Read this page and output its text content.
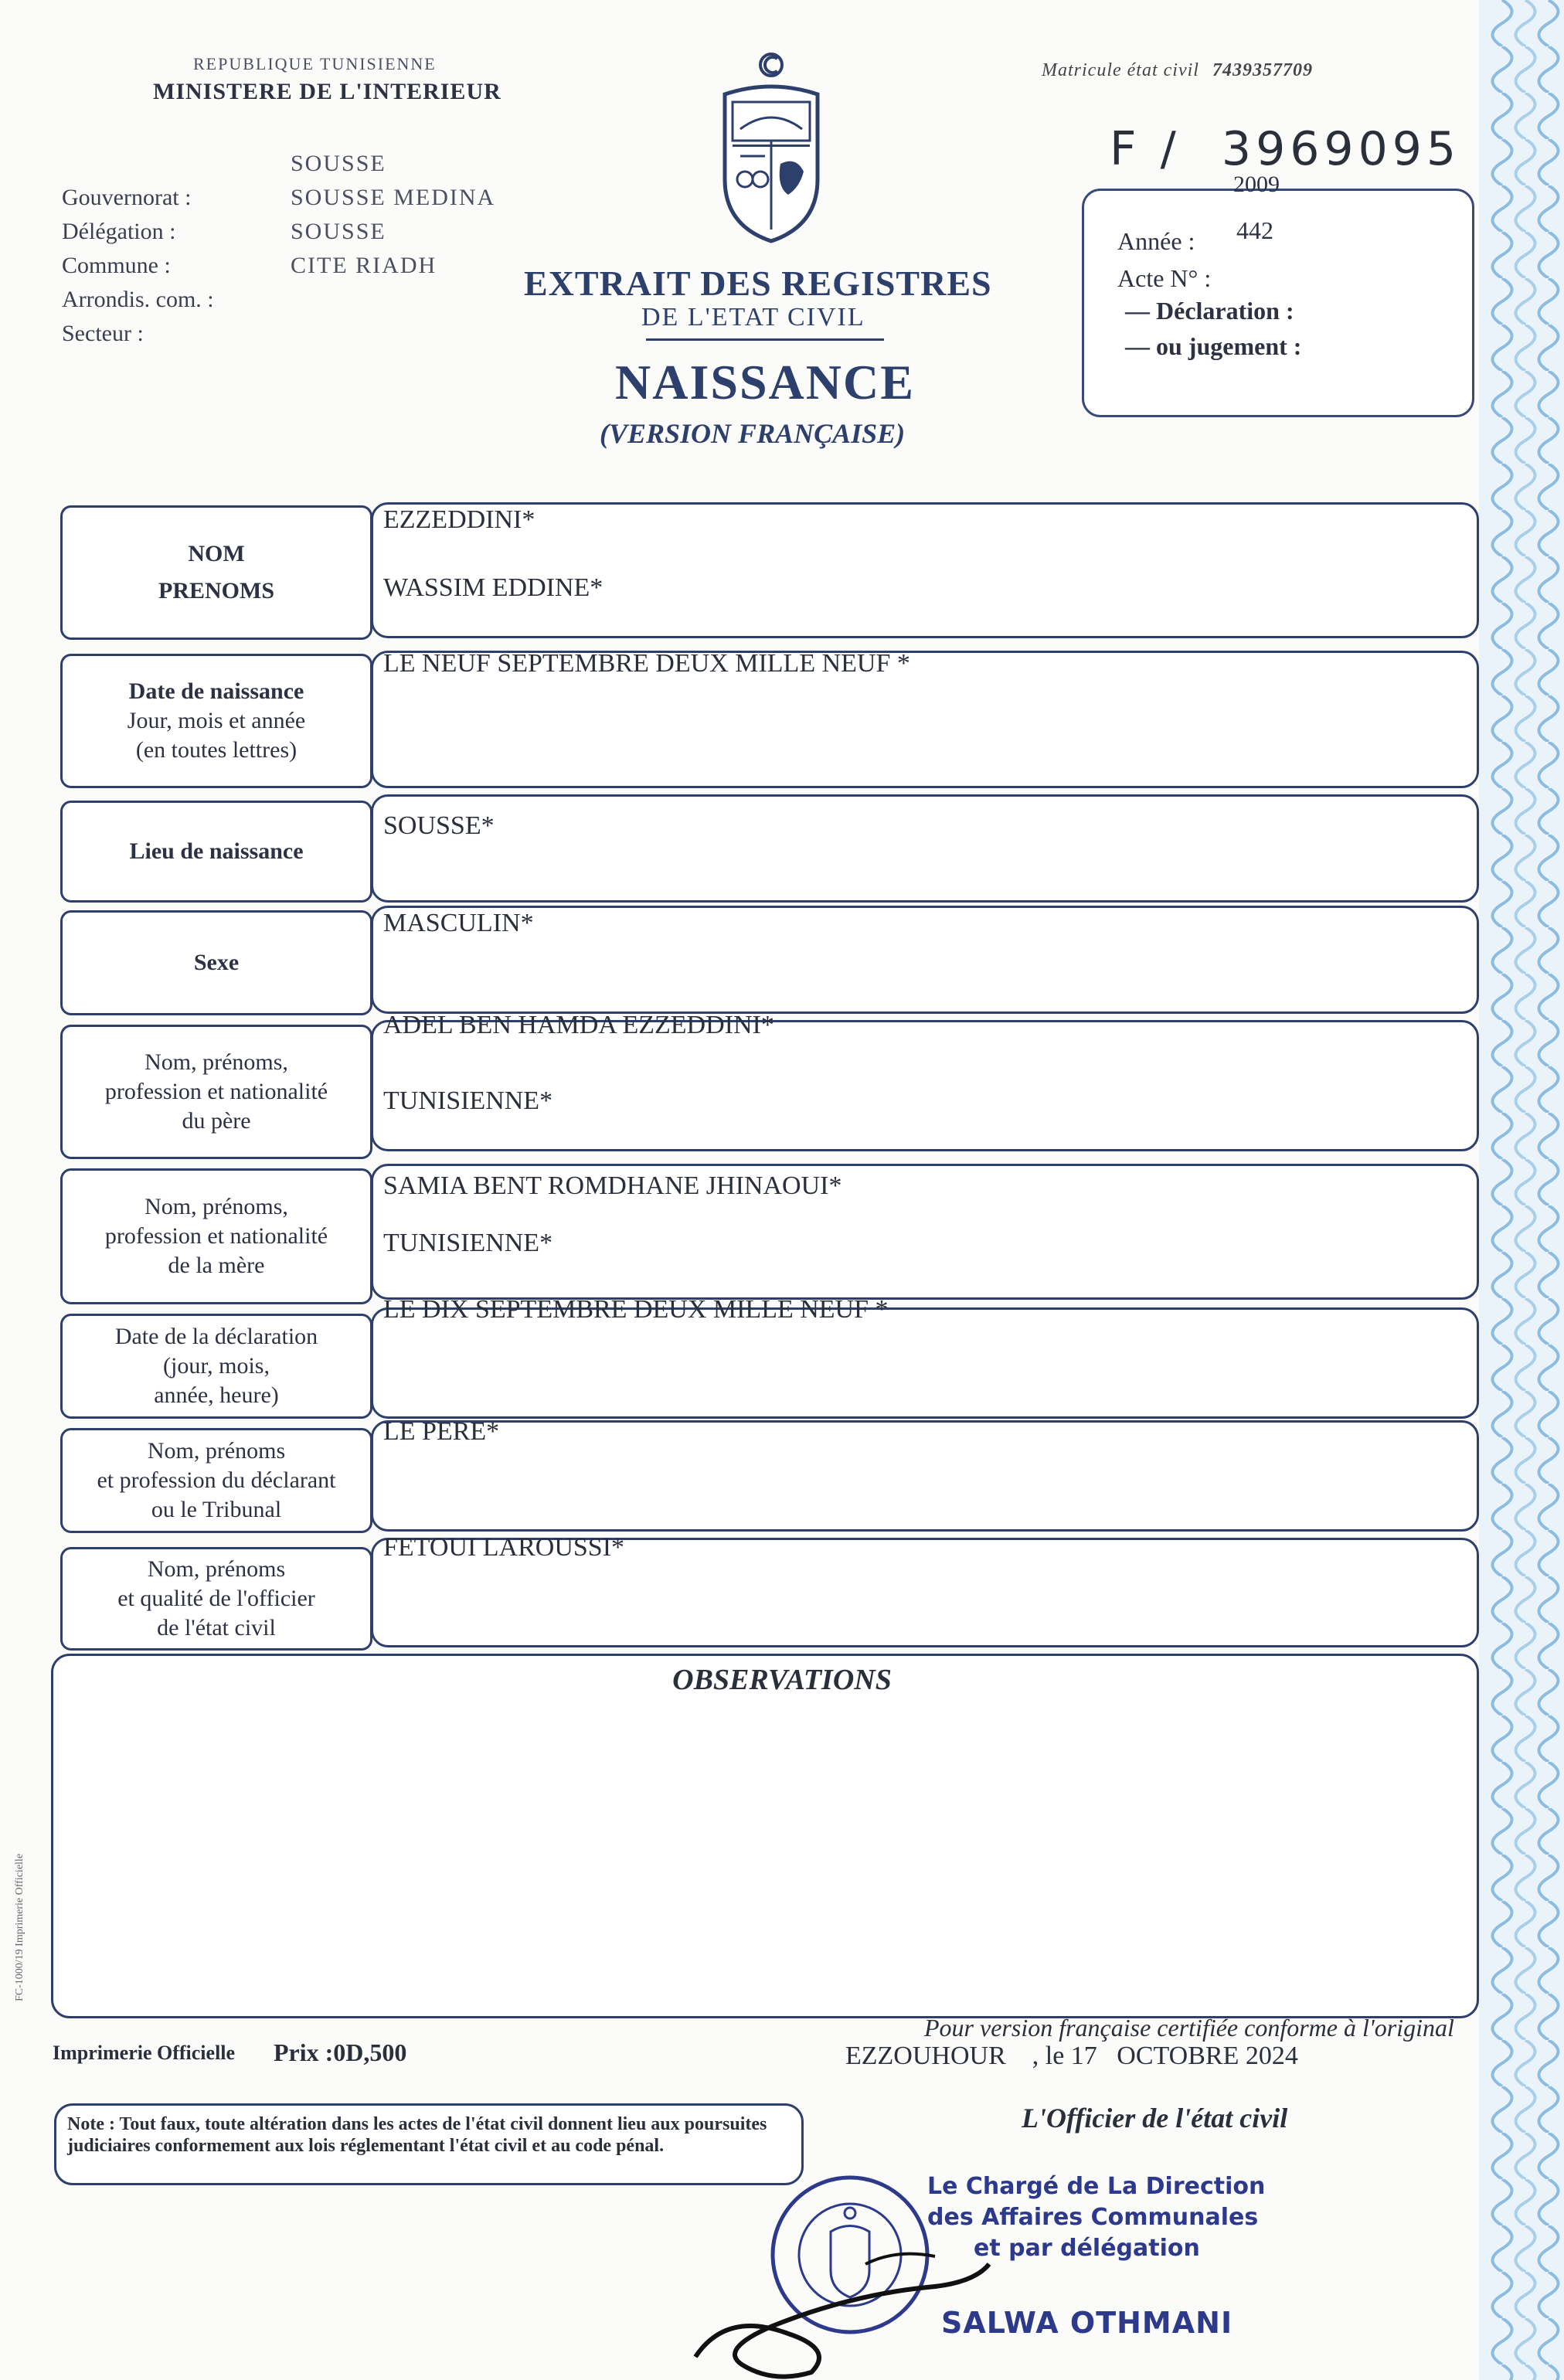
REPUBLIQUE TUNISIENNE
MINISTERE DE L'INTERIEUR
Gouvernorat :
Délégation :
Commune :
Arrondis. com. :
Secteur :
SOUSSE
SOUSSE MEDINA
SOUSSE
CITE RIADH	EXTRAIT DES REGISTRES
DE L'ETAT CIVIL
NAISSANCE
(VERSION FRANÇAISE)
Matricule état civil 7439357709
F / 3969095
2009
Année : 442
Acte N° :
— Déclaration :
— ou jugement :
NOM
PRENOMS
EZZEDDINI*
WASSIM EDDINE*
Date de naissance
Jour, mois et année
(en toutes lettres)
LE NEUF SEPTEMBRE DEUX MILLE NEUF *
Lieu de naissance
SOUSSE*
Sexe
MASCULIN*
Nom, prénoms,
profession et nationalité
du père
ADEL BEN HAMDA EZZEDDINI*
TUNISIENNE*
Nom, prénoms,
profession et nationalité
de la mère
SAMIA BENT ROMDHANE JHINAOUI*
TUNISIENNE*
Date de la déclaration
(jour, mois,
année, heure)
LE DIX SEPTEMBRE DEUX MILLE NEUF *
Nom, prénoms
et profession du déclarant
ou le Tribunal
LE PERE*
Nom, prénoms
et qualité de l'officier
de l'état civil
FETOUI LAROUSSI*
OBSERVATIONS
FC-1000/19 Imprimerie Officielle
Imprimerie Officielle Prix :0D,500
Pour version française certifiée conforme à l'original
EZZOUHOUR    , le 17   OCTOBRE 2024
Note : Tout faux, toute altération dans les actes de l'état civil donnent lieu aux poursuites judiciaires conformement aux lois réglementant l'état civil et au code pénal.
L'Officier de l'état civil
Le Chargé de La Direction
des Affaires Communales
et par délégation
SALWA OTHMANI
